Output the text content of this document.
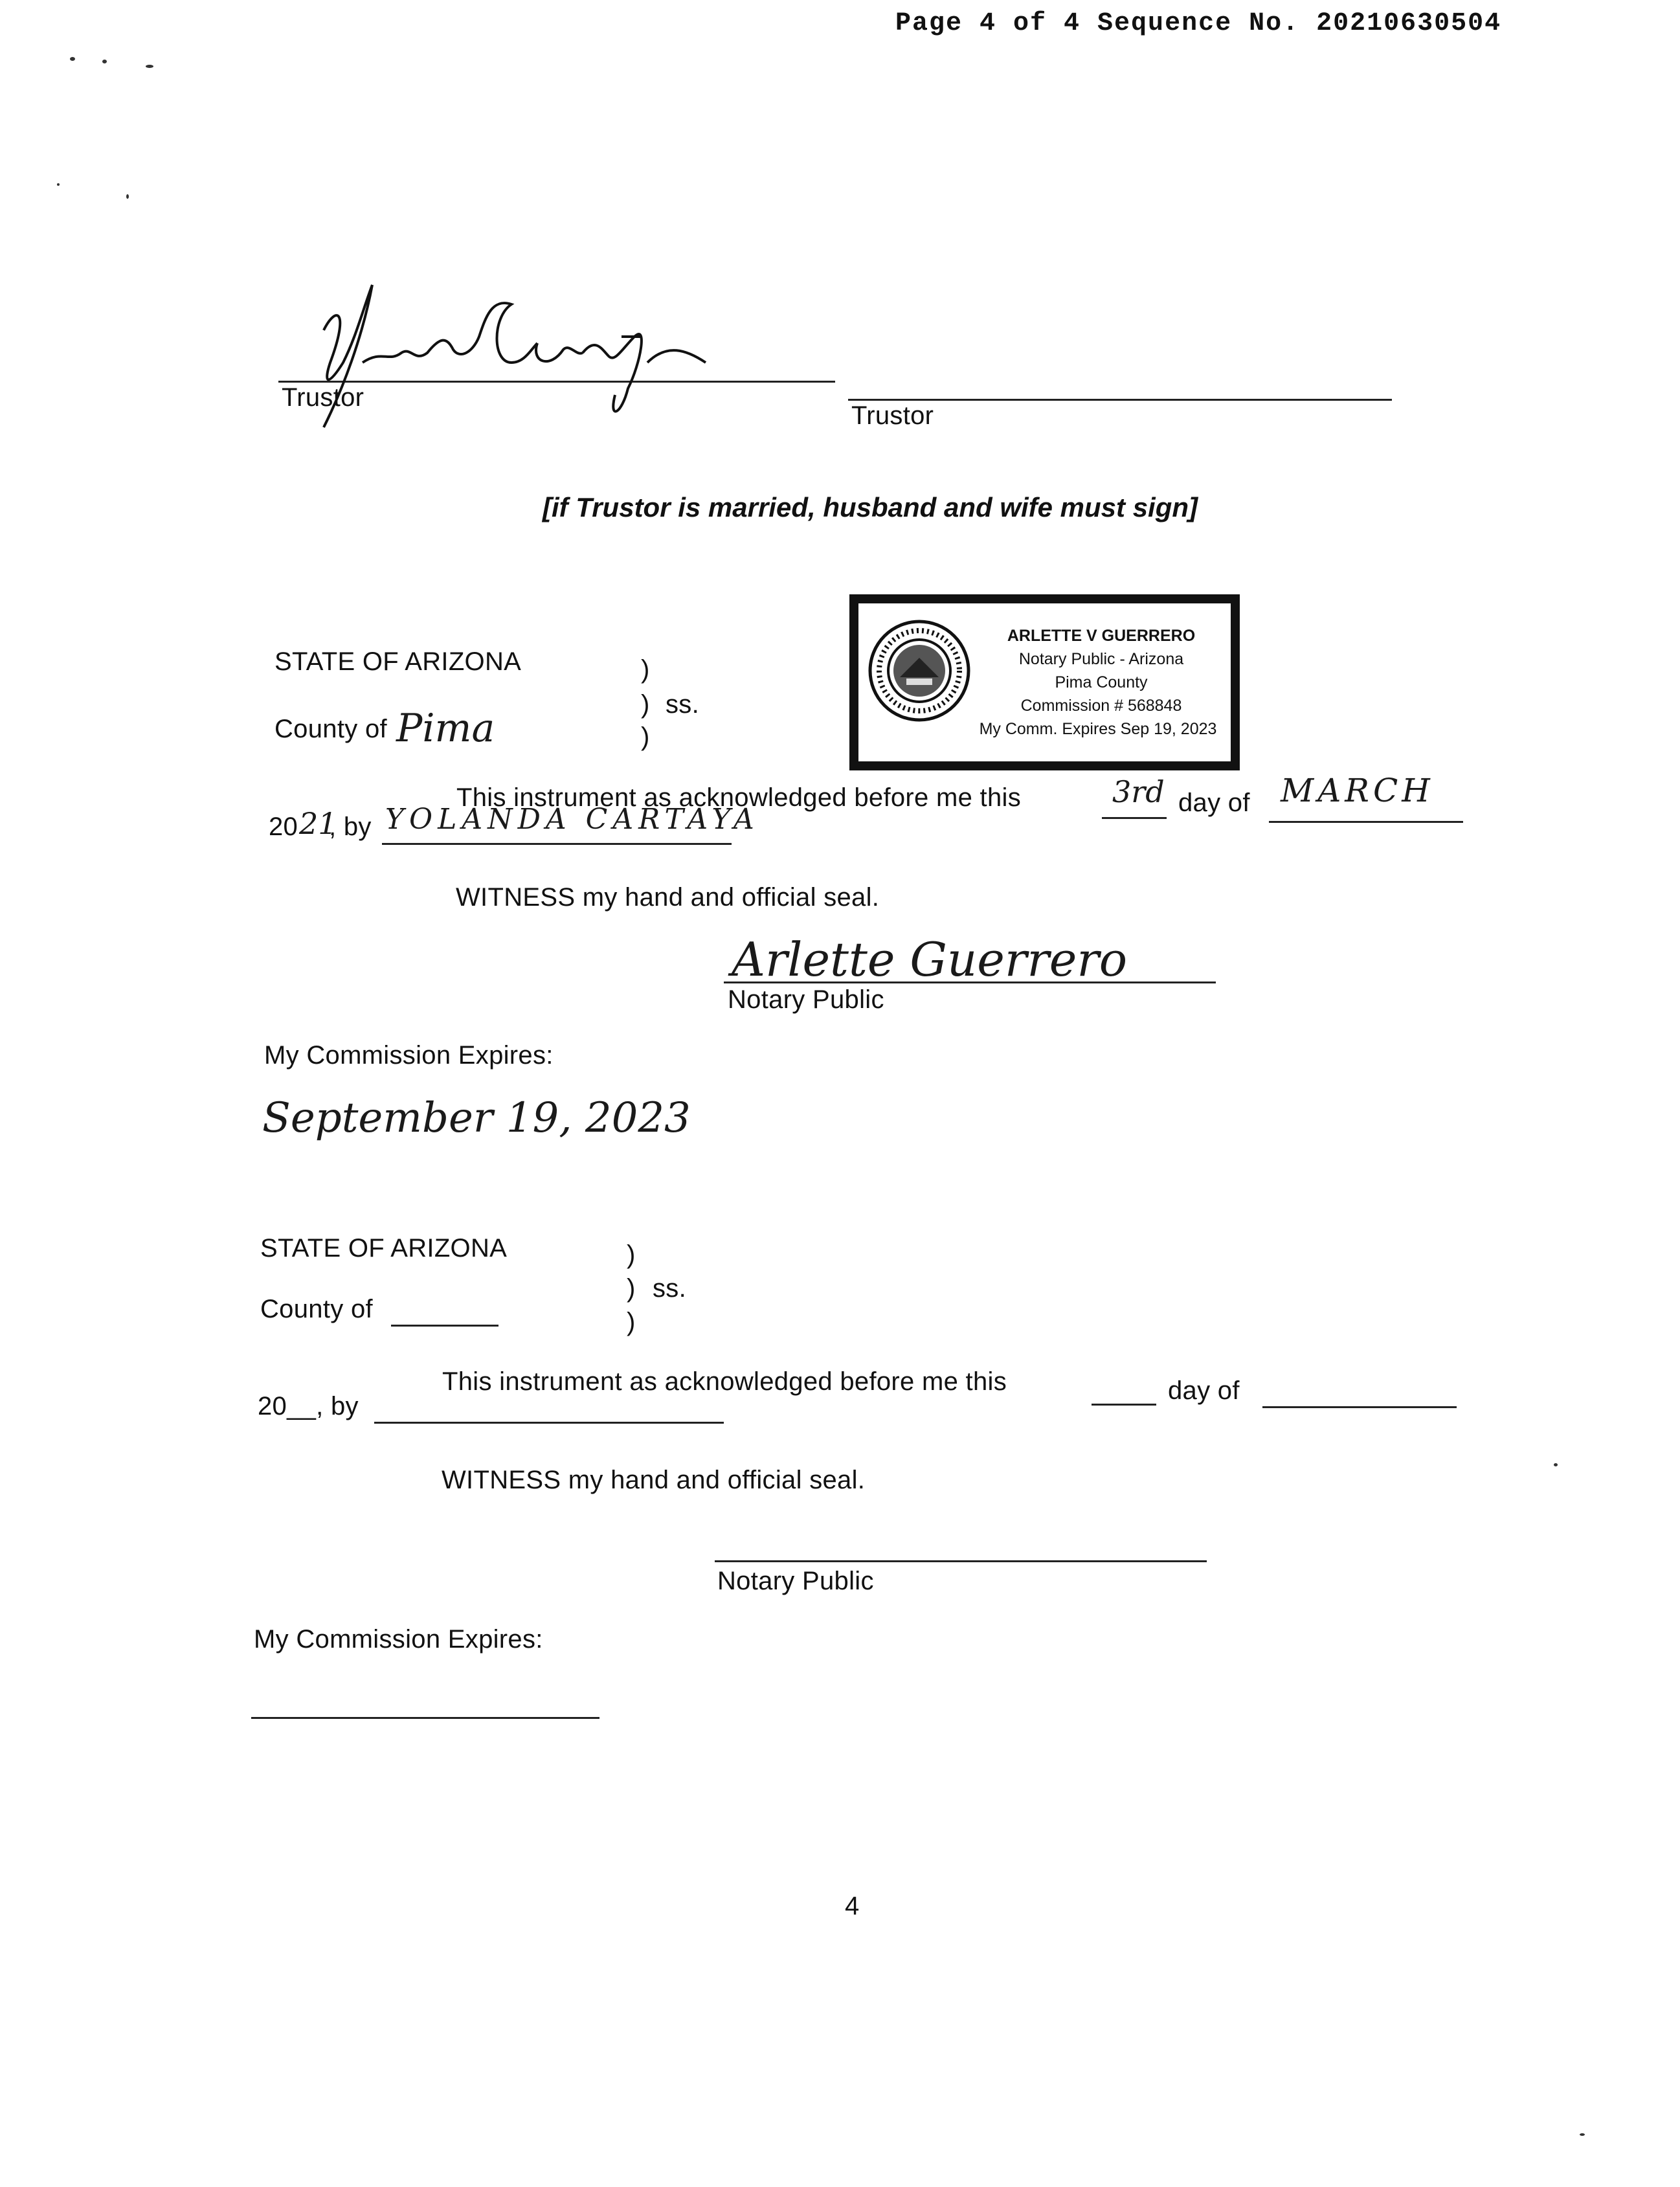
Page 4 of 4 Sequence No. 20210630504
Trustor
Trustor
[if Trustor is married, husband and wife must sign]
STATE OF ARIZONA
County of Pima
)
) ss.
)
ARLETTE V GUERRERO
Notary Public - Arizona
Pima County
Commission # 568848
My Comm. Expires Sep 19, 2023
This instrument as acknowledged before me this	3rd day of MARCH
20 21
, by YOLANDA CARTAYA
WITNESS my hand and official seal.
Arlette Guerrero
Notary Public
My Commission Expires:
September 19, 2023
STATE OF ARIZONA
County of
)
) ss.
)
This instrument as acknowledged before me this	day of
20__, by
WITNESS my hand and official seal.
Notary Public
My Commission Expires:
4
